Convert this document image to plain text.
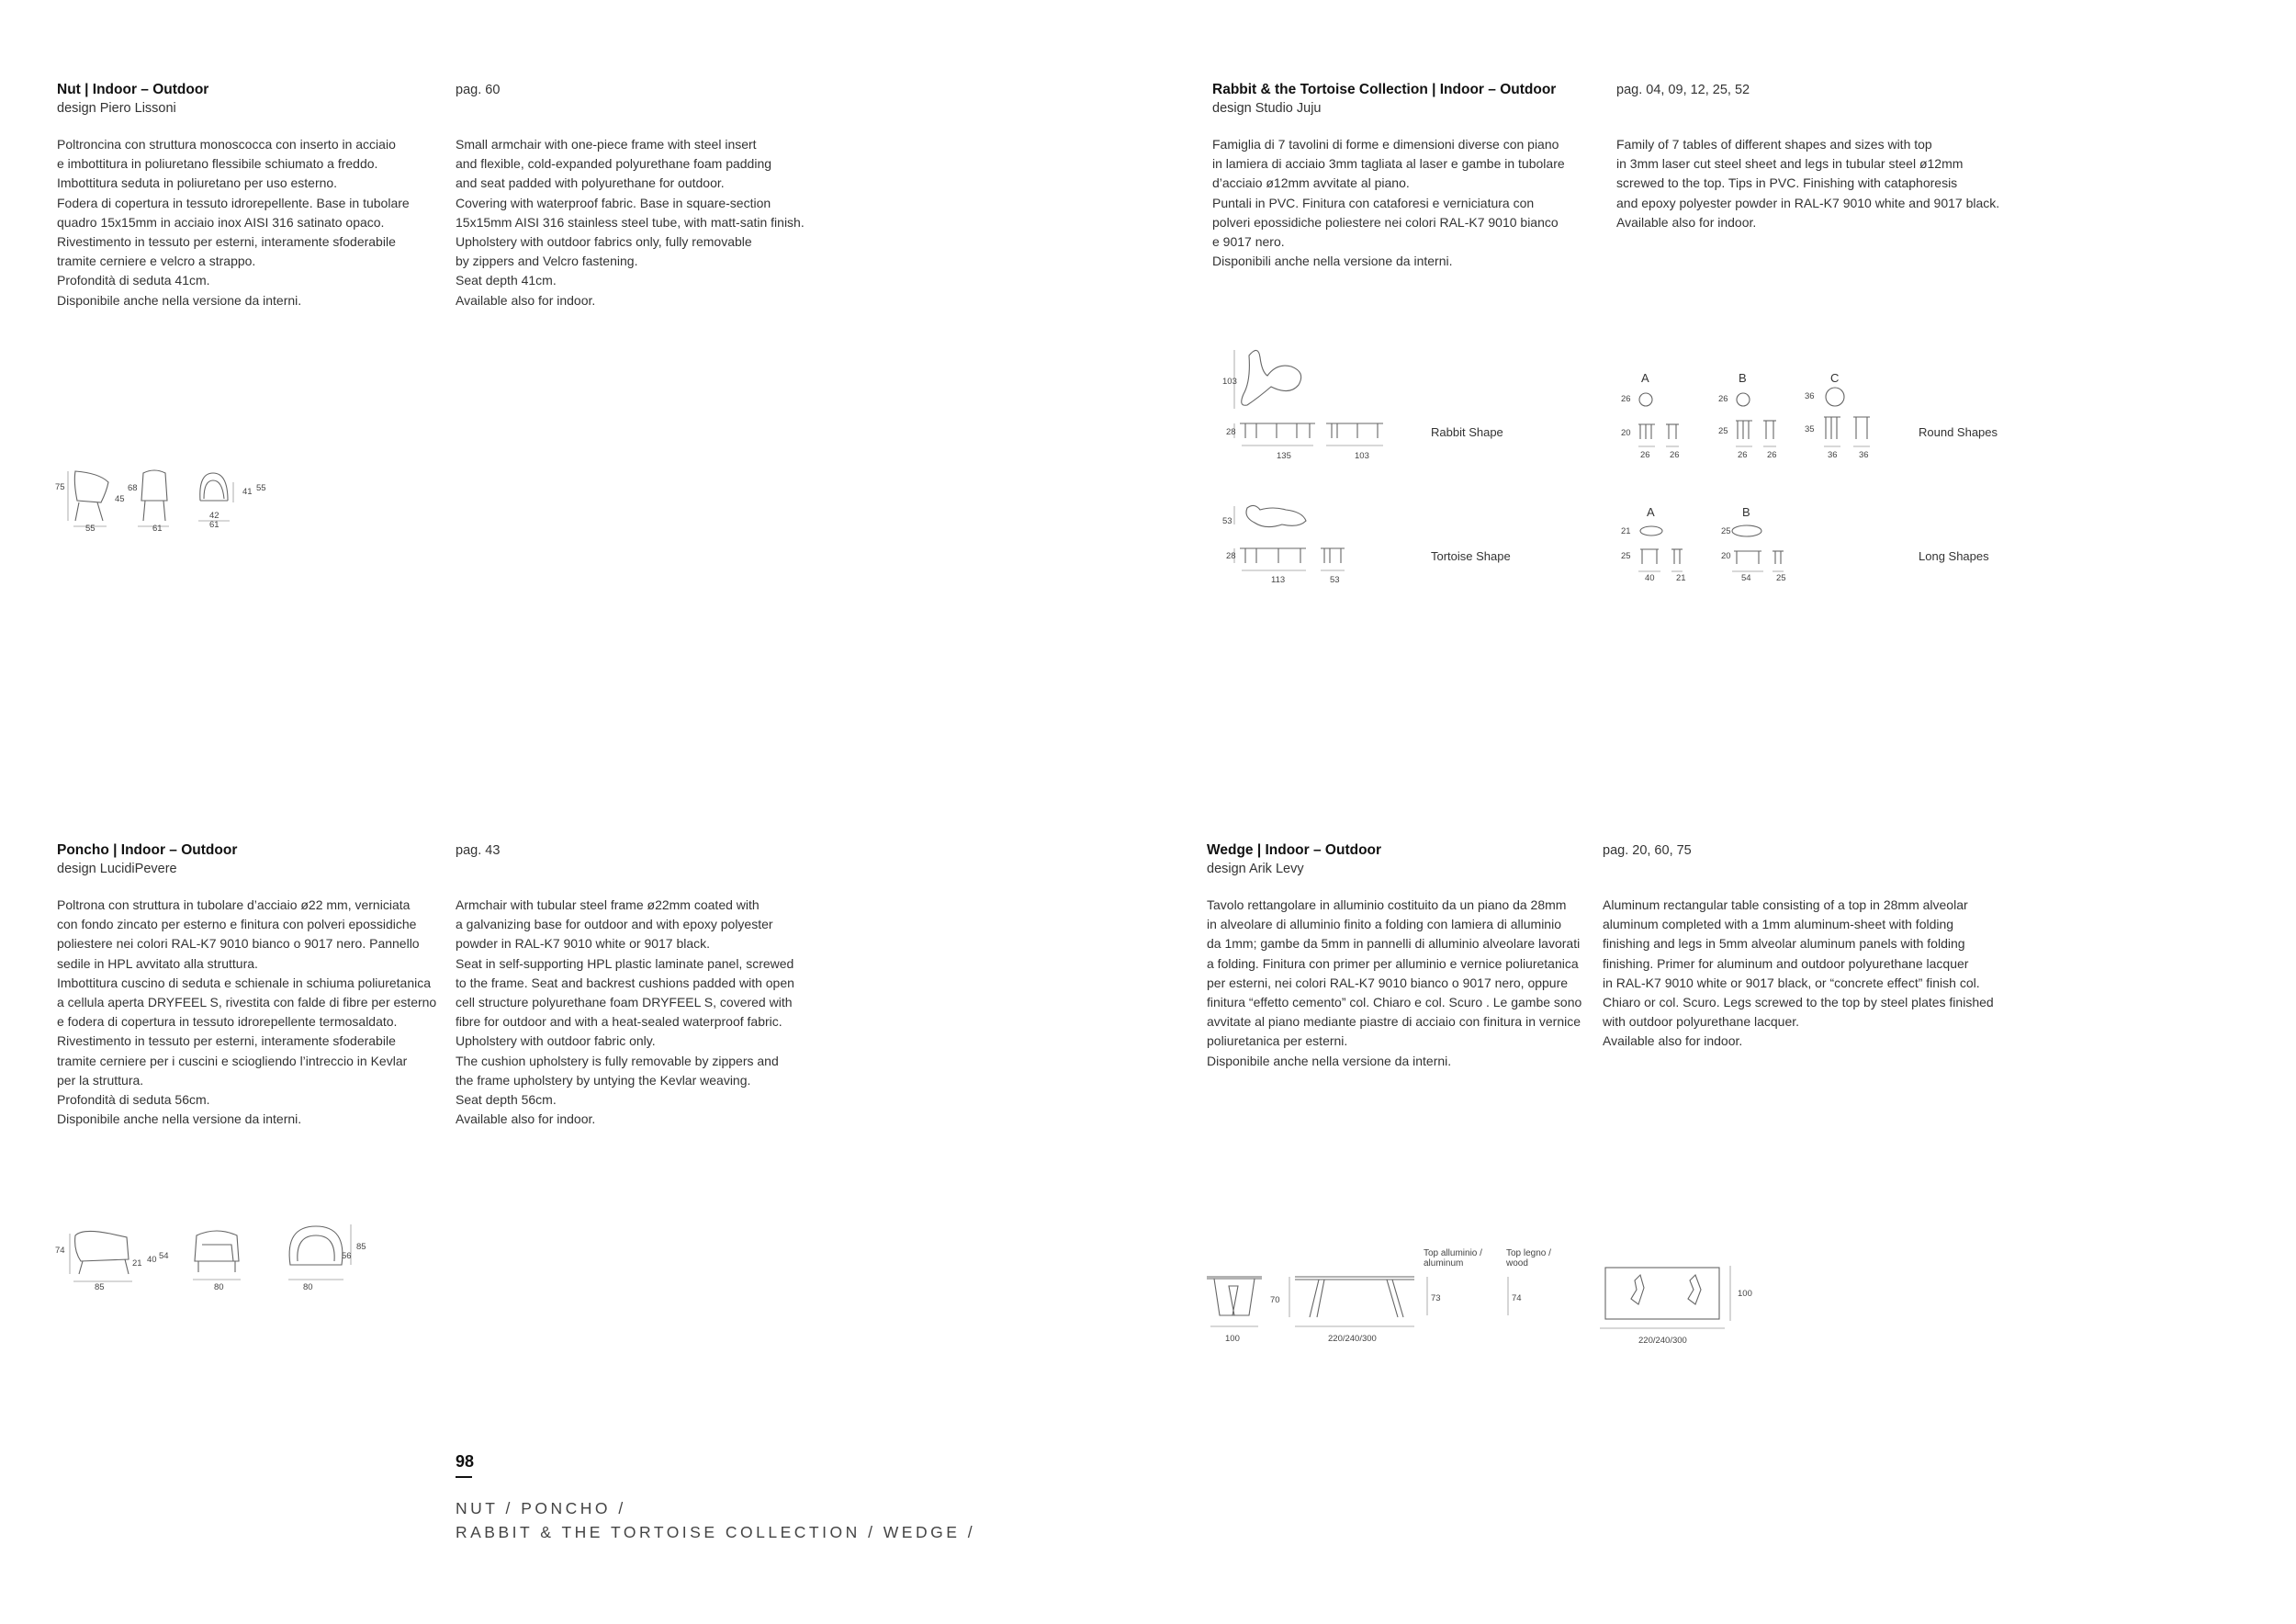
Nut | Indoor – Outdoor
design Piero Lissoni
Poltroncina con struttura monoscocca con inserto in acciaio
e imbottitura in poliuretano flessibile schiumato a freddo.
Imbottitura seduta in poliuretano per uso esterno.
Fodera di copertura in tessuto idrorepellente. Base in tubolare
quadro 15x15mm in acciaio inox AISI 316 satinato opaco.
Rivestimento in tessuto per esterni, interamente sfoderabile
tramite cerniere e velcro a strappo.
Profondità di seduta 41cm.
Disponibile anche nella versione da interni.
pag. 60
Small armchair with one-piece frame with steel insert
and flexible, cold-expanded polyurethane foam padding
and seat padded with polyurethane for outdoor.
Covering with waterproof fabric. Base in square-section
15x15mm AISI 316 stainless steel tube, with matt-satin finish.
Upholstery with outdoor fabrics only, fully removable
by zippers and Velcro fastening.
Seat depth 41cm.
Available also for indoor.
75
55
68
45
61
42
61
41 55
Rabbit & the Tortoise Collection | Indoor – Outdoor
design Studio Juju
Famiglia di 7 tavolini di forme e dimensioni diverse con piano
in lamiera di acciaio 3mm tagliata al laser e gambe in tubolare
d’acciaio ø12mm avvitate al piano.
Puntali in PVC. Finitura con cataforesi e verniciatura con
polveri epossidiche poliestere nei colori RAL-K7 9010 bianco
e 9017 nero.
Disponibili anche nella versione da interni.
pag. 04, 09, 12, 25, 52
Family of 7 tables of different shapes and sizes with top
in 3mm laser cut steel sheet and legs in tubular steel ø12mm
screwed to the top. Tips in PVC. Finishing with cataphoresis
and epoxy polyester powder in RAL-K7 9010 white and 9017 black.
Available also for indoor.
103
28
135	103
Rabbit Shape
53
28
113	53
Tortoise Shape
A	B	C
26	26	36
20	25	35
26 26	26 26	36 36
Round Shapes
A	B
21	25
25	20
40 21	54	25
Long Shapes
Poncho | Indoor – Outdoor
design LucidiPevere
Poltrona con struttura in tubolare d’acciaio ø22 mm, verniciata
con fondo zincato per esterno e finitura con polveri epossidiche
poliestere nei colori RAL-K7 9010 bianco o 9017 nero. Pannello
sedile in HPL avvitato alla struttura.
Imbottitura cuscino di seduta e schienale in schiuma poliuretanica
a cellula aperta DRYFEEL S, rivestita con falde di fibre per esterno
e fodera di copertura in tessuto idrorepellente termosaldato.
Rivestimento in tessuto per esterni, interamente sfoderabile
tramite cerniere per i cuscini e sciogliendo l’intreccio in Kevlar
per la struttura.
Profondità di seduta 56cm.
Disponibile anche nella versione da interni.
pag. 43
Armchair with tubular steel frame ø22mm coated with
a galvanizing base for outdoor and with epoxy polyester
powder in RAL-K7 9010 white or 9017 black.
Seat in self-supporting HPL plastic laminate panel, screwed
to the frame. Seat and backrest cushions padded with open
cell structure polyurethane foam DRYFEEL S, covered with
fibre for outdoor and with a heat-sealed waterproof fabric.
Upholstery with outdoor fabric only.
The cushion upholstery is fully removable by zippers and
the frame upholstery by untying the Kevlar weaving.
Seat depth 56cm.
Available also for indoor.
74
85
21 40 54
80	80
56
85
Wedge | Indoor – Outdoor
design Arik Levy
Tavolo rettangolare in alluminio costituito da un piano da 28mm
in alveolare di alluminio finito a folding con lamiera di alluminio
da 1mm; gambe da 5mm in pannelli di alluminio alveolare lavorati
a folding. Finitura con primer per alluminio e vernice poliuretanica
per esterni, nei colori RAL-K7 9010 bianco o 9017 nero, oppure
finitura “effetto cemento” col. Chiaro e col. Scuro . Le gambe sono
avvitate al piano mediante piastre di acciaio con finitura in vernice
poliuretanica per esterni.
Disponibile anche nella versione da interni.
pag. 20, 60, 75
Aluminum rectangular table consisting of a top in 28mm alveolar
aluminum completed with a 1mm aluminum-sheet with folding
finishing and legs in 5mm alveolar aluminum panels with folding
finishing. Primer for aluminum and outdoor polyurethane lacquer
in RAL-K7 9010 white or 9017 black, or “concrete effect” finish col.
Chiaro or col. Scuro. Legs screwed to the top by steel plates finished
with outdoor polyurethane lacquer.
Available also for indoor.
100
70
220/240/300
Top alluminio /
aluminum
73
Top legno /
wood
74
220/240/300
100
98
NUT / PONCHO /
RABBIT & THE TORTOISE COLLECTION / WEDGE /
